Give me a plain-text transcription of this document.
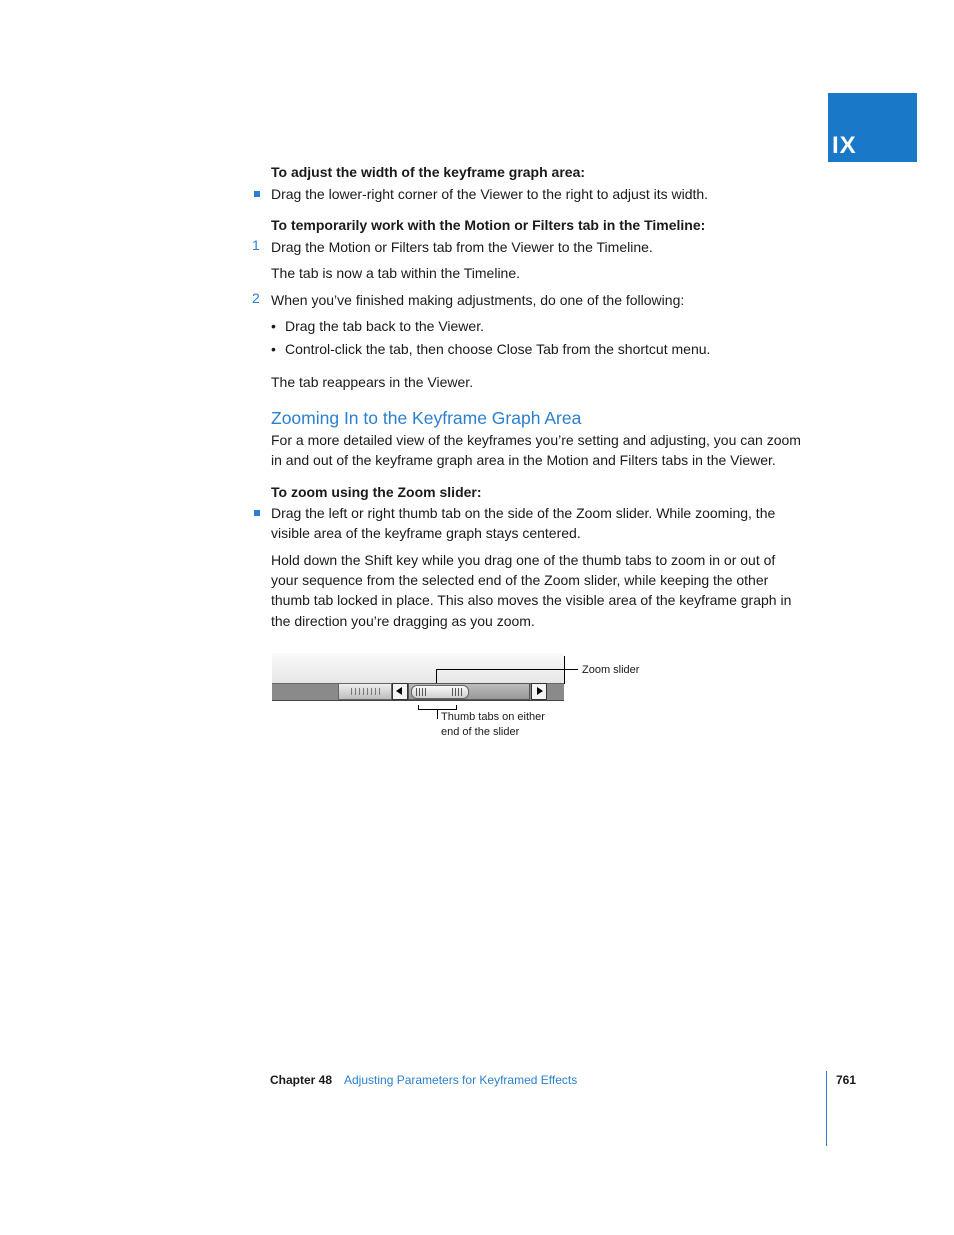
IX
To adjust the width of the keyframe graph area:
Drag the lower-right corner of the Viewer to the right to adjust its width.
To temporarily work with the Motion or Filters tab in the Timeline:
1 Drag the Motion or Filters tab from the Viewer to the Timeline.
The tab is now a tab within the Timeline.
2 When you’ve finished making adjustments, do one of the following:
• Drag the tab back to the Viewer.
• Control-click the tab, then choose Close Tab from the shortcut menu.
The tab reappears in the Viewer.
Zooming In to the Keyframe Graph Area
For a more detailed view of the keyframes you’re setting and adjusting, you can zoom
in and out of the keyframe graph area in the Motion and Filters tabs in the Viewer.
To zoom using the Zoom slider:
Drag the left or right thumb tab on the side of the Zoom slider. While zooming, the
visible area of the keyframe graph stays centered.
Hold down the Shift key while you drag one of the thumb tabs to zoom in or out of
your sequence from the selected end of the Zoom slider, while keeping the other
thumb tab locked in place. This also moves the visible area of the keyframe graph in
the direction you’re dragging as you zoom.
Zoom slider
Thumb tabs on either
end of the slider
Chapter 48 Adjusting Parameters for Keyframed Effects	761
